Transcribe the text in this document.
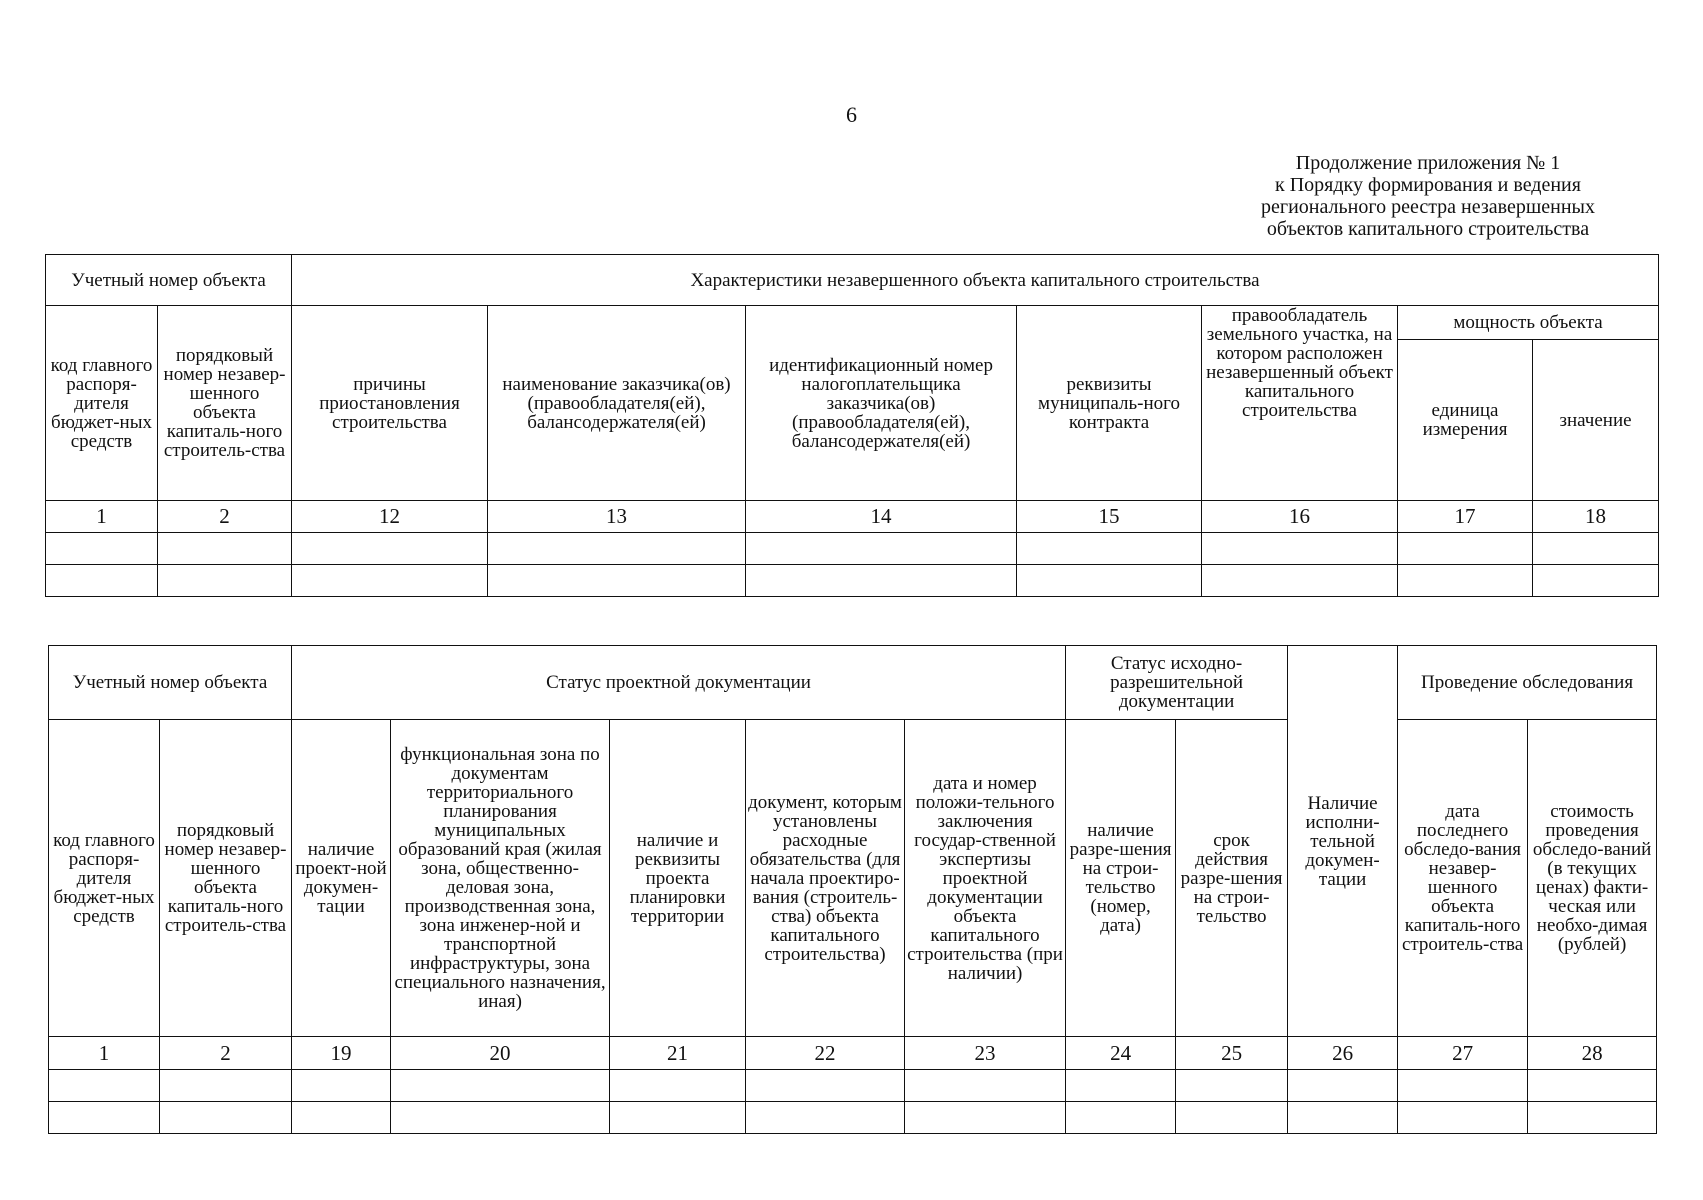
6
Продолжение приложения № 1
к Порядку формирования и ведения
регионального реестра незавершенных
объектов капитального строительства
Учетный номер объекта		Характеристики незавершенного объекта капитального строительства						
код главного распоря-дителя бюджет-ных средств	порядковый номер незавер-шенного объекта капиталь-ного строитель-ства	причины приостановления строительства	наименование заказчика(ов) (правообладателя(ей), балансодержателя(ей)	идентификационный номер налогоплательщика заказчика(ов) (правообладателя(ей), балансодержателя(ей)	реквизиты муниципаль-ного контракта	правообладатель земельного участка, на котором расположен незавершенный объект капитального строительства	мощность объекта	
							единица измерения	значение
1	2	12	13	14	15	16	17	18

Учетный номер объекта		Статус проектной документации					Статус исходно-разрешительной документации		Наличие исполни-тельной докумен-тации	Проведение обследования	
код главного распоря-дителя бюджет-ных средств	порядковый номер незавер-шенного объекта капиталь-ного строитель-ства	наличие проект-ной докумен-тации	функциональная зона по документам территориального планирования муниципальных образований края (жилая зона, общественно-деловая зона, производственная зона, зона инженер-ной и транспортной инфраструктуры, зона специального назначения, иная)	наличие и реквизиты проекта планировки территории	документ, которым установлены расходные обязательства (для начала проектиро-вания (строитель-ства) объекта капитального строительства)	дата и номер положи-тельного заключения государ-ственной экспертизы проектной документации объекта капитального строительства (при наличии)	наличие разре-шения на строи-тельство (номер, дата)	срок действия разре-шения на строи-тельство		дата последнего обследо-вания незавер-шенного объекта капиталь-ного строитель-ства	стоимость проведения обследо-ваний (в текущих ценах) факти-ческая или необхо-димая (рублей)
1	2	19	20	21	22	23	24	25	26	27	28
